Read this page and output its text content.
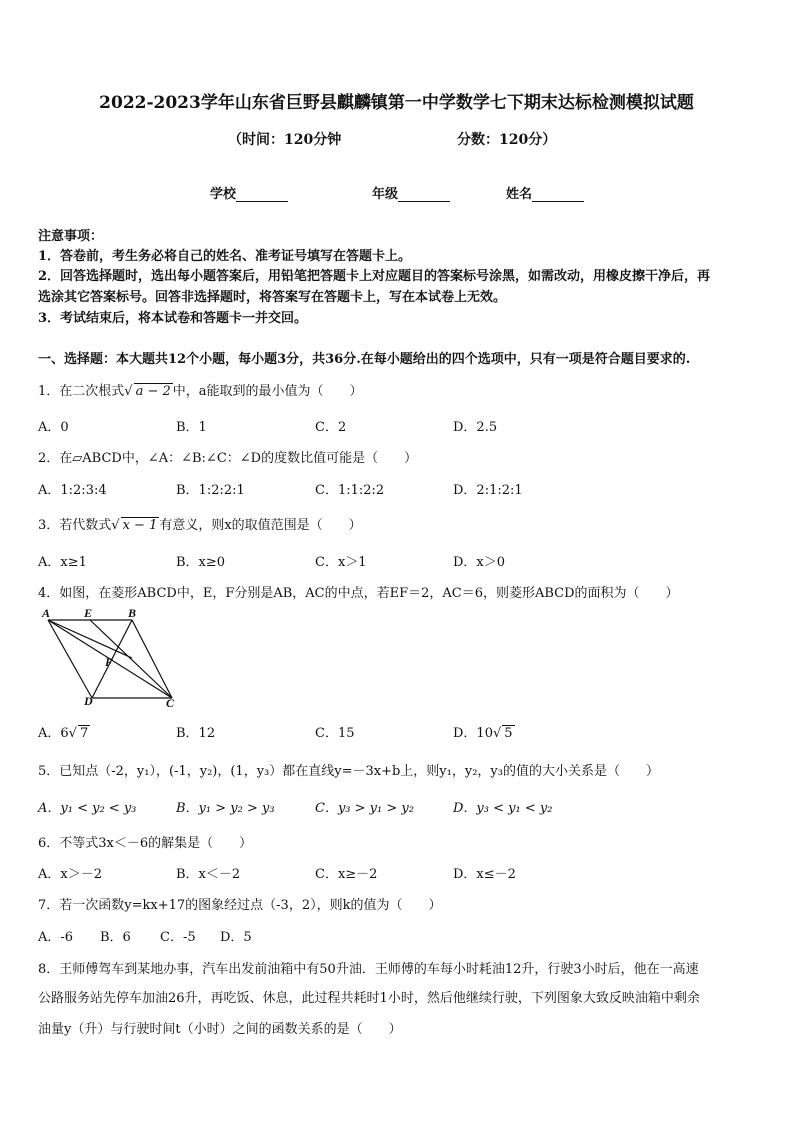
2022-2023学年山东省巨野县麒麟镇第一中学数学七下期末达标检测模拟试题
（时间：120分钟	分数：120分）
学校	年级	姓名
注意事项：
1．答卷前，考生务必将自己的姓名、准考证号填写在答题卡上。
2．回答选择题时，选出每小题答案后，用铅笔把答题卡上对应题目的答案标号涂黑，如需改动，用橡皮擦干净后，再
选涂其它答案标号。回答非选择题时，将答案写在答题卡上，写在本试卷上无效。
3．考试结束后，将本试卷和答题卡一并交回。
一、选择题：本大题共12个小题，每小题3分，共36分.在每小题给出的四个选项中，只有一项是符合题目要求的.
1．在二次根式√ a − 2 中，a能取到的最小值为（　　）
A．0	B．1	C．2	D．2.5
2．在▱ABCD中，∠A：∠B:∠C：∠D的度数比值可能是（　　）
A．1:2:3:4	B．1:2:2:1	C．1:1:2:2	D．2:1:2:1
3．若代数式√ x − 1 有意义，则x的取值范围是（　　）
A．x≥1	B．x≥0	C．x＞1	D．x＞0
4．如图，在菱形ABCD中，E，F分别是AB，AC的中点，若EF＝2，AC＝6，则菱形ABCD的面积为（　　）
A	E	B
F
D	C
A．6√ 7	B．12	C．15	D．10√ 5
5．已知点（-2，y₁），(-1，y₂)，(1，y₃）都在直线y=－3x+b上，则y₁，y₂，y₃的值的大小关系是（　　）
A．y₁ < y₂ < y₃	B．y₁ > y₂ > y₃	C．y₃ > y₁ > y₂	D．y₃ < y₁ < y₂
6．不等式3x＜－6的解集是（　　）
A．x＞－2	B．x＜－2	C．x≥－2	D．x≤－2
7．若一次函数y=kx+17的图象经过点（-3，2），则k的值为（　　）
A．-6 B．6 C．-5 D．5
8．王师傅驾车到某地办事，汽车出发前油箱中有50升油．王师傅的车每小时耗油12升，行驶3小时后，他在一高速
公路服务站先停车加油26升，再吃饭、休息，此过程共耗时1小时，然后他继续行驶，下列图象大致反映油箱中剩余
油量y（升）与行驶时间t（小时）之间的函数关系的是（　　）
